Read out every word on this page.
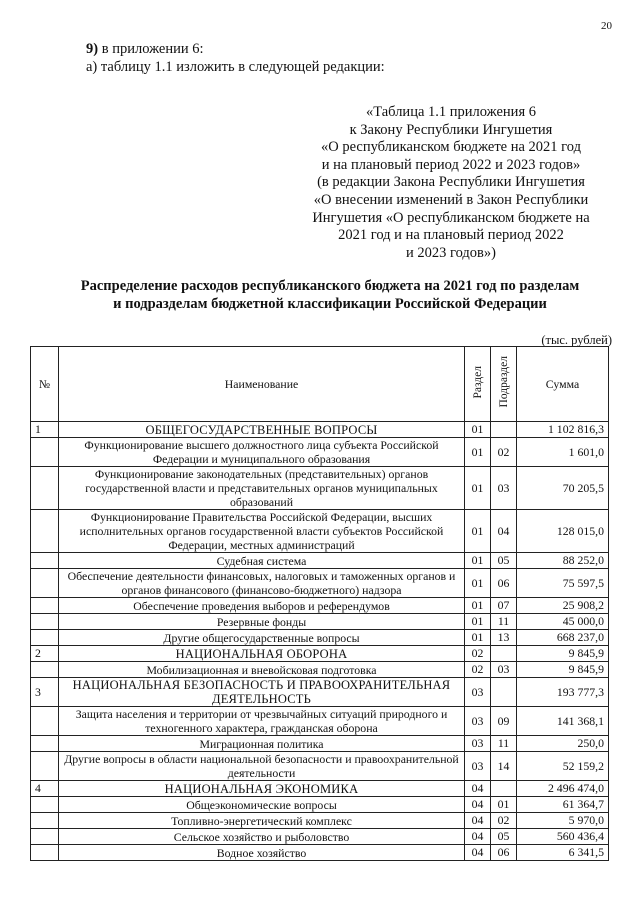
20
9) в приложении 6:
а) таблицу 1.1 изложить в следующей редакции:
«Таблица 1.1 приложения 6
к Закону Республики Ингушетия
«О республиканском бюджете на 2021 год
и на плановый период 2022 и 2023 годов»
(в редакции Закона Республики Ингушетия
«О внесении изменений в Закон Республики
Ингушетия «О республиканском бюджете на
2021 год и на плановый период 2022
и 2023 годов»)
Распределение расходов республиканского бюджета на 2021 год по разделам
и подразделам бюджетной классификации Российской Федерации
(тыс. рублей)
№	Наименование	Раздел	Подраздел	Сумма
1	ОБЩЕГОСУДАРСТВЕННЫЕ ВОПРОСЫ	01		1 102 816,3
	Функционирование высшего должностного лица субъекта Российской Федерации и муниципального образования	01	02	1 601,0
	Функционирование законодательных (представительных) органов государственной власти и представительных органов муниципальных образований	01	03	70 205,5
	Функционирование Правительства Российской Федерации, высших исполнительных органов государственной власти субъектов Российской Федерации, местных администраций	01	04	128 015,0
	Судебная система	01	05	88 252,0
	Обеспечение деятельности финансовых, налоговых и таможенных органов и органов финансового (финансово-бюджетного) надзора	01	06	75 597,5
	Обеспечение проведения выборов и референдумов	01	07	25 908,2
	Резервные фонды	01	11	45 000,0
	Другие общегосударственные вопросы	01	13	668 237,0
2	НАЦИОНАЛЬНАЯ ОБОРОНА	02		9 845,9
	Мобилизационная и вневойсковая подготовка	02	03	9 845,9
3	НАЦИОНАЛЬНАЯ БЕЗОПАСНОСТЬ И ПРАВООХРАНИТЕЛЬНАЯ ДЕЯТЕЛЬНОСТЬ	03		193 777,3
	Защита населения и территории от чрезвычайных ситуаций природного и техногенного характера, гражданская оборона	03	09	141 368,1
	Миграционная политика	03	11	250,0
	Другие вопросы в области национальной безопасности и правоохранительной деятельности	03	14	52 159,2
4	НАЦИОНАЛЬНАЯ ЭКОНОМИКА	04		2 496 474,0
	Общеэкономические вопросы	04	01	61 364,7
	Топливно-энергетический комплекс	04	02	5 970,0
	Сельское хозяйство и рыболовство	04	05	560 436,4
	Водное хозяйство	04	06	6 341,5
